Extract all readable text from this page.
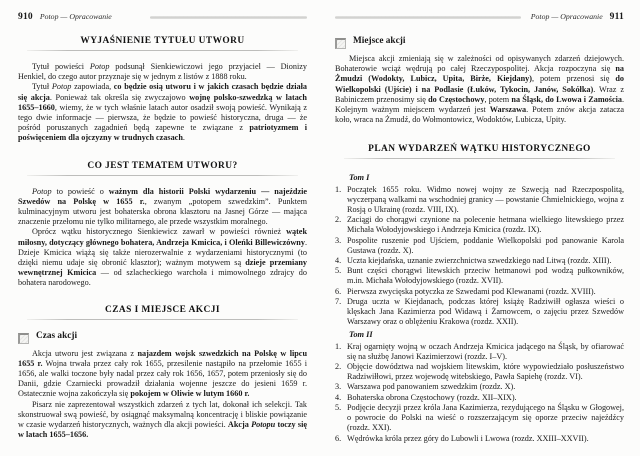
910 Potop — Opracowanie
WYJAŚNIENIE TYTUŁU UTWORU

Tytuł powieści Potop podsunął Sienkiewiczowi jego przyjaciel — Dionizy Henkiel, do czego autor przyznaje się w jednym z listów z 1888 roku.

Tytuł Potop zapowiada, co będzie osią utworu i w jakich czasach będzie działa się akcja. Ponieważ tak określa się zwyczajowo wojnę polsko-szwedzką w latach 1655–1660, wiemy, że w tych właśnie latach autor osadził swoją powieść. Wynikają z tego dwie informacje — pierwsza, że będzie to powieść historyczna, druga — że pośród poruszanych zagadnień będą zapewne te związane z patriotyzmem i poświęceniem dla ojczyzny w trudnych czasach.

CO JEST TEMATEM UTWORU?

Potop to powieść o ważnym dla historii Polski wydarzeniu — najeździe Szwedów na Polskę w 1655 r., zwanym „potopem szwedzkim”. Punktem kulminacyjnym utworu jest bohaterska obrona klasztoru na Jasnej Górze — mająca znaczenie przełomu nie tylko militarnego, ale przede wszystkim moralnego.

Oprócz wątku historycznego Sienkiewicz zawarł w powieści również wątek miłosny, dotyczący głównego bohatera, Andrzeja Kmicica, i Oleńki Billewiczówny. Dzieje Kmicica wiążą się także nierozerwalnie z wydarzeniami historycznymi (to dzięki niemu udaje się obronić klasztor); ważnym motywem są dzieje przemiany wewnętrznej Kmicica — od szlacheckiego warchoła i mimowolnego zdrajcy do bohatera narodowego.

CZAS I MIEJSCE AKCJI
Czas akcji

Akcja utworu jest związana z najazdem wojsk szwedzkich na Polskę w lipcu 1655 r. Wojna trwała przez cały rok 1655, przesilenie nastąpiło na przełomie 1655 i 1656, ale walki toczone były nadal przez cały rok 1656, 1657, potem przeniosły się do Danii, gdzie Czarniecki prowadził działania wojenne jeszcze do jesieni 1659 r. Ostatecznie wojna zakończyła się pokojem w Oliwie w lutym 1660 r.

Pisarz nie zaprezentował wszystkich zdarzeń z tych lat, dokonał ich selekcji. Tak skonstruował swą powieść, by osiągnąć maksymalną koncentrację i bliskie powiązanie w czasie wydarzeń historycznych, ważnych dla akcji powieści. Akcja Potopu toczy się w latach 1655–1656.

Potop — Opracowanie 911
Miejsce akcji

Miejsca akcji zmieniają się w zależności od opisywanych zdarzeń dziejowych. Bohaterowie wciąż wędrują po całej Rzeczypospolitej. Akcja rozpoczyna się na Żmudzi (Wodokty, Lubicz, Upita, Birże, Kiejdany), potem przenosi się do Wielkopolski (Ujście) i na Podlasie (Łuków, Tykocin, Janów, Sokółka). Wraz z Babiniczem przenosimy się do Częstochowy, potem na Śląsk, do Lwowa i Zamościa. Kolejnym ważnym miejscem wydarzeń jest Warszawa. Potem znów akcja zatacza koło, wraca na Żmudź, do Wołmontowicz, Wodoktów, Lubicza, Upity.

PLAN WYDARZEŃ WĄTKU HISTORYCZNEGO
Tom I
1. Początek 1655 roku. Widmo nowej wojny ze Szwecją nad Rzeczpospolitą, wyczerpaną walkami na wschodniej granicy — powstanie Chmielnickiego, wojna z Rosją o Ukrainę (rozdz. VIII, IX).
2. Zaciągi do chorągwi czynione na polecenie hetmana wielkiego litewskiego przez Michała Wołodyjowskiego i Andrzeja Kmicica (rozdz. IX).
3. Pospolite ruszenie pod Ujściem, poddanie Wielkopolski pod panowanie Karola Gustawa (rozdz. X).
4. Uczta kiejdańska, uznanie zwierzchnictwa szwedzkiego nad Litwą (rozdz. XIII).
5. Bunt części chorągwi litewskich przeciw hetmanowi pod wodzą pułkowników, m.in. Michała Wołodyjowskiego (rozdz. XVII).
6. Pierwsza zwycięska potyczka ze Szwedami pod Klewanami (rozdz. XVIII).
7. Druga uczta w Kiejdanach, podczas której książę Radziwiłł ogłasza wieści o klęskach Jana Kazimierza pod Widawą i Żarnowcem, o zajęciu przez Szwedów Warszawy oraz o oblężeniu Krakowa (rozdz. XXII).
Tom II
1. Kraj ogarnięty wojną w oczach Andrzeja Kmicica jadącego na Śląsk, by ofiarować się na służbę Janowi Kazimierzowi (rozdz. I–V).
2. Objęcie dowództwa nad wojskiem litewskim, które wypowiedziało posłuszeństwo Radziwiłłowi, przez wojewodę witebskiego, Pawła Sapiehę (rozdz. VI).
3. Warszawa pod panowaniem szwedzkim (rozdz. X).
4. Bohaterska obrona Częstochowy (rozdz. XII–XIX).
5. Podjęcie decyzji przez króla Jana Kazimierza, rezydującego na Śląsku w Głogowej, o powrocie do Polski na wieść o rozszerzającym się oporze przeciw najeźdźcy (rozdz. XXI).
6. Wędrówka króla przez góry do Lubowli i Lwowa (rozdz. XXIII–XXVII).
